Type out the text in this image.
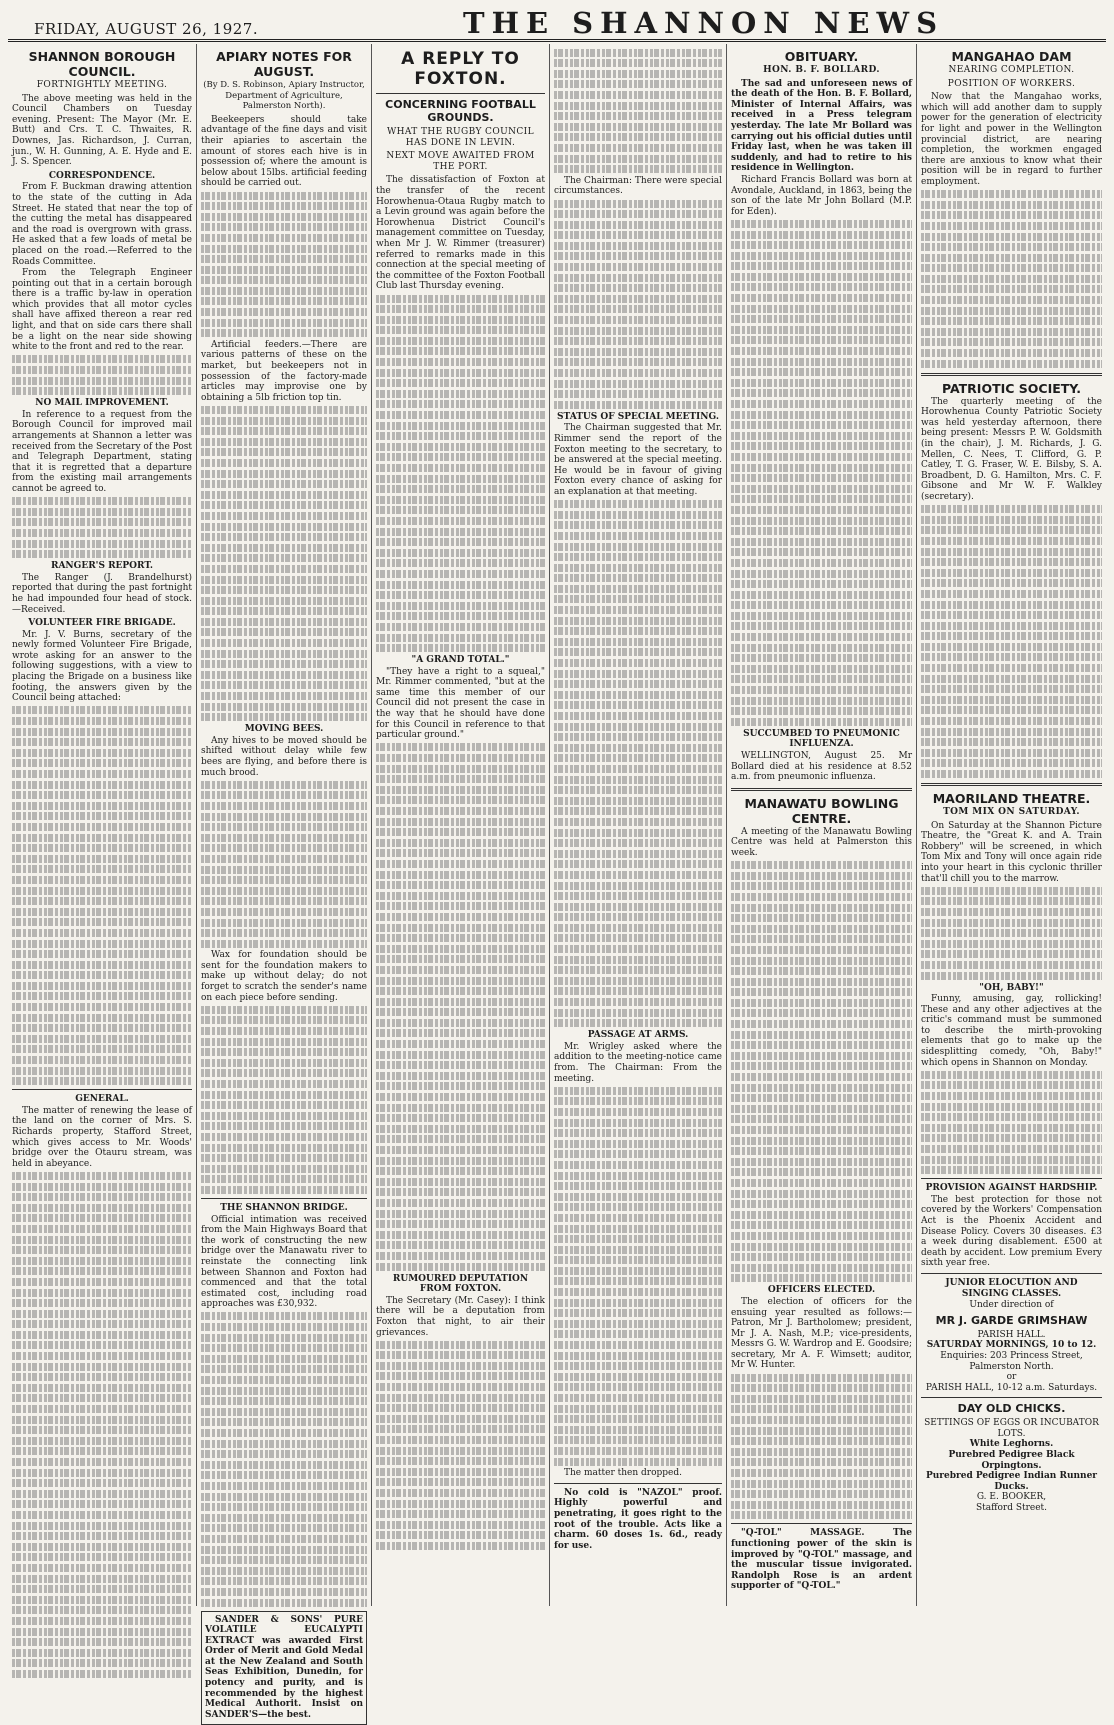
FRIDAY, AUGUST 26, 1927.	THE SHANNON NEWS
SHANNON BOROUGH COUNCIL.
FORTNIGHTLY MEETING.

The above meeting was held in the Council Chambers on Tuesday evening. Present: The Mayor (Mr. E. Butt) and Crs. T. C. Thwaites, R. Downes, Jas. Richardson, J. Curran, jun., W. H. Gunning, A. E. Hyde and E. J. S. Spencer.

CORRESPONDENCE.

From F. Buckman drawing attention to the state of the cutting in Ada Street. He stated that near the top of the cutting the metal has disappeared and the road is overgrown with grass. He asked that a few loads of metal be placed on the road.—Referred to the Roads Committee.

From the Telegraph Engineer pointing out that in a certain borough there is a traffic by-law in operation which provides that all motor cycles shall have affixed thereon a rear red light, and that on side cars there shall be a light on the near side showing white to the front and red to the rear.

NO MAIL IMPROVEMENT.

In reference to a request from the Borough Council for improved mail arrangements at Shannon a letter was received from the Secretary of the Post and Telegraph Department, stating that it is regretted that a departure from the existing mail arrangements cannot be agreed to.

RANGER'S REPORT.

The Ranger (J. Brandelhurst) reported that during the past fortnight he had impounded four head of stock.—Received.

VOLUNTEER FIRE BRIGADE.

Mr. J. V. Burns, secretary of the newly formed Volunteer Fire Brigade, wrote asking for an answer to the following suggestions, with a view to placing the Brigade on a business like footing, the answers given by the Council being attached:

GENERAL.

The matter of renewing the lease of the land on the corner of Mrs. S. Richards property, Stafford Street, which gives access to Mr. Woods' bridge over the Otauru stream, was held in abeyance.

APIARY NOTES FOR AUGUST.
(By D. S. Robinson, Apiary Instructor, Department of Agriculture, Palmerston North).

Beekeepers should take advantage of the fine days and visit their apiaries to ascertain the amount of stores each hive is in possession of; where the amount is below about 15lbs. artificial feeding should be carried out.

Artificial feeders.—There are various patterns of these on the market, but beekeepers not in possession of the factory-made articles may improvise one by obtaining a 5lb friction top tin.

MOVING BEES.

Any hives to be moved should be shifted without delay while few bees are flying, and before there is much brood.

Wax for foundation should be sent for the foundation makers to make up without delay; do not forget to scratch the sender's name on each piece before sending.

THE SHANNON BRIDGE.

Official intimation was received from the Main Highways Board that the work of constructing the new bridge over the Manawatu river to reinstate the connecting link between Shannon and Foxton had commenced and that the total estimated cost, including road approaches was £30,932.

SANDER & SONS' PURE VOLATILE EUCALYPTI EXTRACT was awarded First Order of Merit and Gold Medal at the New Zealand and South Seas Exhibition, Dunedin, for potency and purity, and is recommended by the highest Medical Authorit. Insist on SANDER'S—the best.

A REPLY TO FOXTON.
CONCERNING FOOTBALL GROUNDS.
WHAT THE RUGBY COUNCIL HAS DONE IN LEVIN.
NEXT MOVE AWAITED FROM THE PORT.

The dissatisfaction of Foxton at the transfer of the recent Horowhenua-Otaua Rugby match to a Levin ground was again before the Horowhenua District Council's management committee on Tuesday, when Mr J. W. Rimmer (treasurer) referred to remarks made in this connection at the special meeting of the committee of the Foxton Football Club last Thursday evening.

"A GRAND TOTAL."

"They have a right to a squeal," Mr. Rimmer commented, "but at the same time this member of our Council did not present the case in the way that he should have done for this Council in reference to that particular ground."

RUMOURED DEPUTATION FROM FOXTON.

The Secretary (Mr. Casey): I think there will be a deputation from Foxton that night, to air their grievances.

The Chairman: There were special circumstances.

STATUS OF SPECIAL MEETING.

The Chairman suggested that Mr. Rimmer send the report of the Foxton meeting to the secretary, to be answered at the special meeting. He would be in favour of giving Foxton every chance of asking for an explanation at that meeting.

PASSAGE AT ARMS.

Mr. Wrigley asked where the addition to the meeting-notice came from. The Chairman: From the meeting.

The matter then dropped.

No cold is "NAZOL" proof. Highly powerful and penetrating, it goes right to the root of the trouble. Acts like a charm. 60 doses 1s. 6d., ready for use.

OBITUARY.
HON. B. F. BOLLARD.

The sad and unforeseen news of the death of the Hon. B. F. Bollard, Minister of Internal Affairs, was received in a Press telegram yesterday. The late Mr Bollard was carrying out his official duties until Friday last, when he was taken ill suddenly, and had to retire to his residence in Wellington.

Richard Francis Bollard was born at Avondale, Auckland, in 1863, being the son of the late Mr John Bollard (M.P. for Eden).

SUCCUMBED TO PNEUMONIC INFLUENZA.

WELLINGTON, August 25. Mr Bollard died at his residence at 8.52 a.m. from pneumonic influenza.

MANAWATU BOWLING CENTRE.

A meeting of the Manawatu Bowling Centre was held at Palmerston this week.

OFFICERS ELECTED.

The election of officers for the ensuing year resulted as follows:—Patron, Mr J. Bartholomew; president, Mr J. A. Nash, M.P.; vice-presidents, Messrs G. W. Wardrop and E. Goodsire; secretary, Mr A. F. Wimsett; auditor, Mr W. Hunter.

"Q-TOL" MASSAGE. The functioning power of the skin is improved by "Q-TOL" massage, and the muscular tissue invigorated. Randolph Rose is an ardent supporter of "Q-TOL."

MANGAHAO DAM
NEARING COMPLETION.
POSITION OF WORKERS.

Now that the Mangahao works, which will add another dam to supply power for the generation of electricity for light and power in the Wellington provincial district, are nearing completion, the workmen engaged there are anxious to know what their position will be in regard to further employment.

PATRIOTIC SOCIETY.

The quarterly meeting of the Horowhenua County Patriotic Society was held yesterday afternoon, there being present: Messrs P. W. Goldsmith (in the chair), J. M. Richards, J. G. Mellen, C. Nees, T. Clifford, G. P. Catley, T. G. Fraser, W. E. Bilsby, S. A. Broadbent, D. G. Hamilton, Mrs. C. F. Gibsone and Mr W. F. Walkley (secretary).

MAORILAND THEATRE.
TOM MIX ON SATURDAY.

On Saturday at the Shannon Picture Theatre, the "Great K. and A. Train Robbery" will be screened, in which Tom Mix and Tony will once again ride into your heart in this cyclonic thriller that'll chill you to the marrow.

"OH, BABY!"

Funny, amusing, gay, rollicking! These and any other adjectives at the critic's command must be summoned to describe the mirth-provoking elements that go to make up the sidesplitting comedy, "Oh, Baby!" which opens in Shannon on Monday.

PROVISION AGAINST HARDSHIP.

The best protection for those not covered by the Workers' Compensation Act is the Phoenix Accident and Disease Policy. Covers 30 diseases. £3 a week during disablement. £500 at death by accident. Low premium Every sixth year free.

JUNIOR ELOCUTION AND SINGING CLASSES.
Under direction of
MR J. GARDE GRIMSHAW
PARISH HALL.
SATURDAY MORNINGS, 10 to 12.
Enquiries: 203 Princess Street, Palmerston North.
or
PARISH HALL, 10-12 a.m. Saturdays.
DAY OLD CHICKS.
SETTINGS OF EGGS OR INCUBATOR LOTS.
White Leghorns.
Purebred Pedigree Black Orpingtons.
Purebred Pedigree Indian Runner Ducks.
G. E. BOOKER,
Stafford Street.
